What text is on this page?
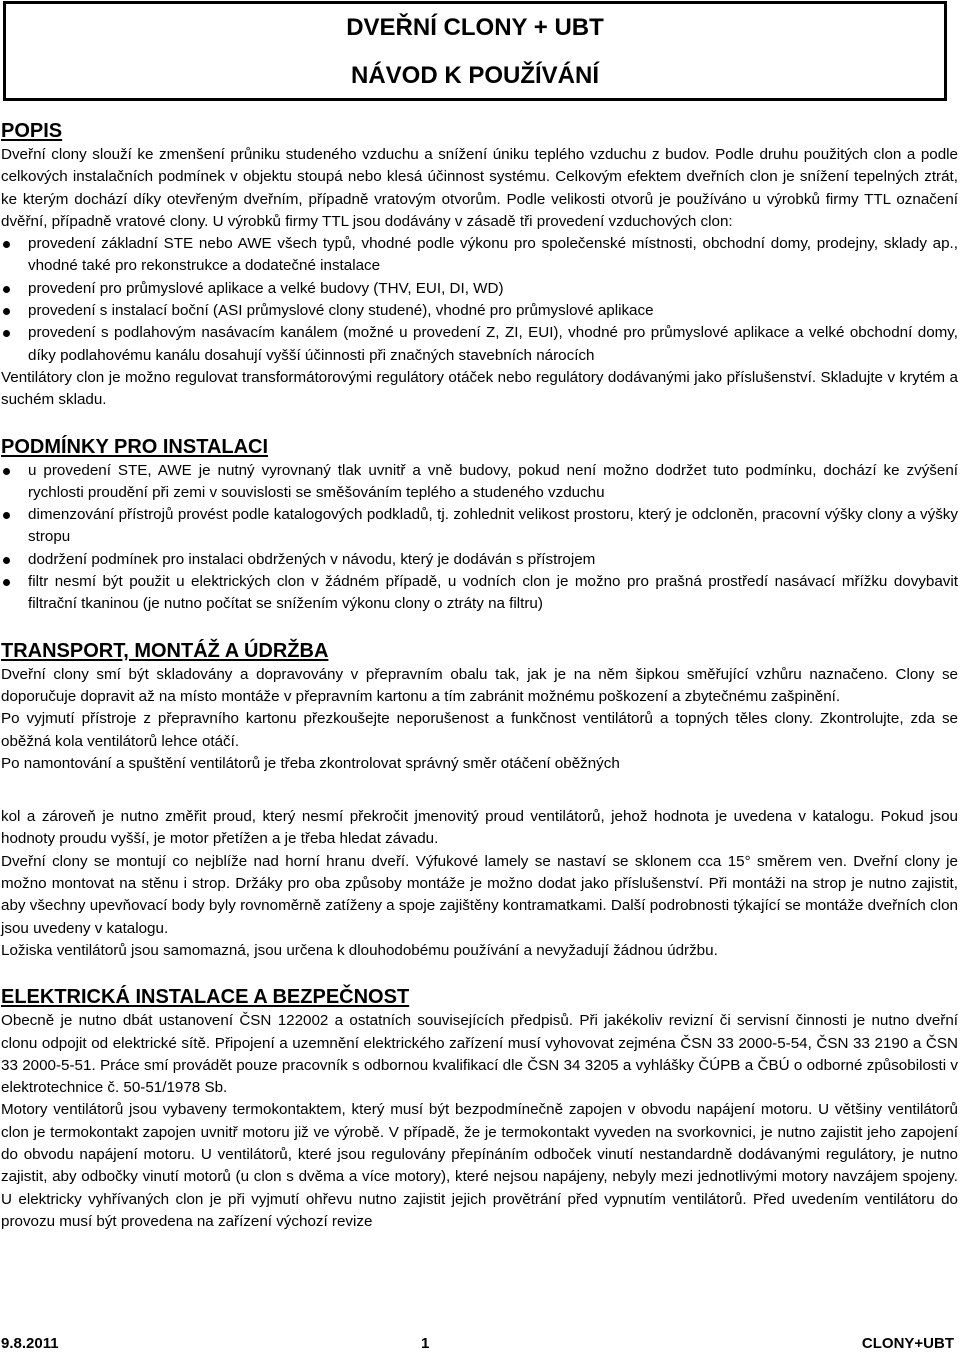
DVEŘNÍ CLONY + UBT
NÁVOD K POUŽÍVÁNÍ
POPIS

Dveřní clony slouží ke zmenšení průniku studeného vzduchu a snížení úniku teplého vzduchu z budov. Podle druhu použitých clon a podle celkových instalačních podmínek v objektu stoupá nebo klesá účinnost systému. Celkovým efektem dveřních clon je snížení tepelných ztrát, ke kterým dochází díky otevřeným dveřním, případně vratovým otvorům. Podle velikosti otvorů je používáno u výrobků firmy TTL označení dvěřní, případně vratové clony. U výrobků firmy TTL jsou dodávány v zásadě tři provedení vzduchových clon:

provedení základní STE nebo AWE všech typů, vhodné podle výkonu pro společenské místnosti, obchodní domy, prodejny, sklady ap., vhodné také pro rekonstrukce a dodatečné instalace
provedení pro průmyslové aplikace a velké budovy (THV, EUI, DI, WD)
provedení s instalací boční (ASI průmyslové clony studené), vhodné pro průmyslové aplikace
provedení s podlahovým nasávacím kanálem (možné u provedení Z, ZI, EUI), vhodné pro průmyslové aplikace a velké obchodní domy, díky podlahovému kanálu dosahují vyšší účinnosti při značných stavebních nárocích

Ventilátory clon je možno regulovat transformátorovými regulátory otáček nebo regulátory dodávanými jako příslušenství. Skladujte v krytém a suchém skladu.

PODMÍNKY PRO INSTALACI
u provedení STE, AWE je nutný vyrovnaný tlak uvnitř a vně budovy, pokud není možno dodržet tuto podmínku, dochází ke zvýšení rychlosti proudění při zemi v souvislosti se směšováním teplého a studeného vzduchu
dimenzování přístrojů provést podle katalogových podkladů, tj. zohlednit velikost prostoru, který je odcloněn, pracovní výšky clony a výšky stropu
dodržení podmínek pro instalaci obdržených v návodu, který je dodáván s přístrojem
filtr nesmí být použit u elektrických clon v žádném případě, u vodních clon je možno pro prašná prostředí nasávací mřížku dovybavit filtrační tkaninou (je nutno počítat se snížením výkonu clony o ztráty na filtru)
TRANSPORT, MONTÁŽ A ÚDRŽBA

Dveřní clony smí být skladovány a dopravovány v přepravním obalu tak, jak je na něm šipkou směřující vzhůru naznačeno. Clony se doporučuje dopravit až na místo montáže v přepravním kartonu a tím zabránit možnému poškození a zbytečnému zašpinění.

Po vyjmutí přístroje z přepravního kartonu přezkoušejte neporušenost a funkčnost ventilátorů a topných těles clony. Zkontrolujte, zda se oběžná kola ventilátorů lehce otáčí.

Po namontování a spuštění ventilátorů je třeba zkontrolovat správný směr otáčení oběžných

kol a zároveň je nutno změřit proud, který nesmí překročit jmenovitý proud ventilátorů, jehož hodnota je uvedena v katalogu. Pokud jsou hodnoty proudu vyšší, je motor přetížen a je třeba hledat závadu.

Dveřní clony se montují co nejblíže nad horní hranu dveří. Výfukové lamely se nastaví se sklonem cca 15° směrem ven. Dveřní clony je možno montovat na stěnu i strop. Držáky pro oba způsoby montáže je možno dodat jako příslušenství. Při montáži na strop je nutno zajistit, aby všechny upevňovací body byly rovnoměrně zatíženy a spoje zajištěny kontramatkami. Další podrobnosti týkající se montáže dveřních clon jsou uvedeny v katalogu.

Ložiska ventilátorů jsou samomazná, jsou určena k dlouhodobému používání a nevyžadují žádnou údržbu.

ELEKTRICKÁ INSTALACE A BEZPEČNOST

Obecně je nutno dbát ustanovení ČSN 122002 a ostatních souvisejících předpisů. Při jakékoliv revizní či servisní činnosti je nutno dveřní clonu odpojit od elektrické sítě. Připojení a uzemnění elektrického zařízení musí vyhovovat zejména ČSN 33 2000-5-54, ČSN 33 2190 a ČSN 33 2000-5-51. Práce smí provádět pouze pracovník s odbornou kvalifikací dle ČSN 34 3205 a vyhlášky ČÚPB a ČBÚ o odborné způsobilosti v elektrotechnice č. 50-51/1978 Sb.

Motory ventilátorů jsou vybaveny termokontaktem, který musí být bezpodmínečně zapojen v obvodu napájení motoru. U většiny ventilátorů clon je termokontakt zapojen uvnitř motoru již ve výrobě. V případě, že je termokontakt vyveden na svorkovnici, je nutno zajistit jeho zapojení do obvodu napájení motoru. U ventilátorů, které jsou regulovány přepínáním odboček vinutí nestandardně dodávanými regulátory, je nutno zajistit, aby odbočky vinutí motorů (u clon s dvěma a více motory), které nejsou napájeny, nebyly mezi jednotlivými motory navzájem spojeny. U elektricky vyhřívaných clon je při vyjmutí ohřevu nutno zajistit jejich provětrání před vypnutím ventilátorů. Před uvedením ventilátoru do provozu musí být provedena na zařízení výchozí revize

9.8.2011	1	CLONY+UBT
